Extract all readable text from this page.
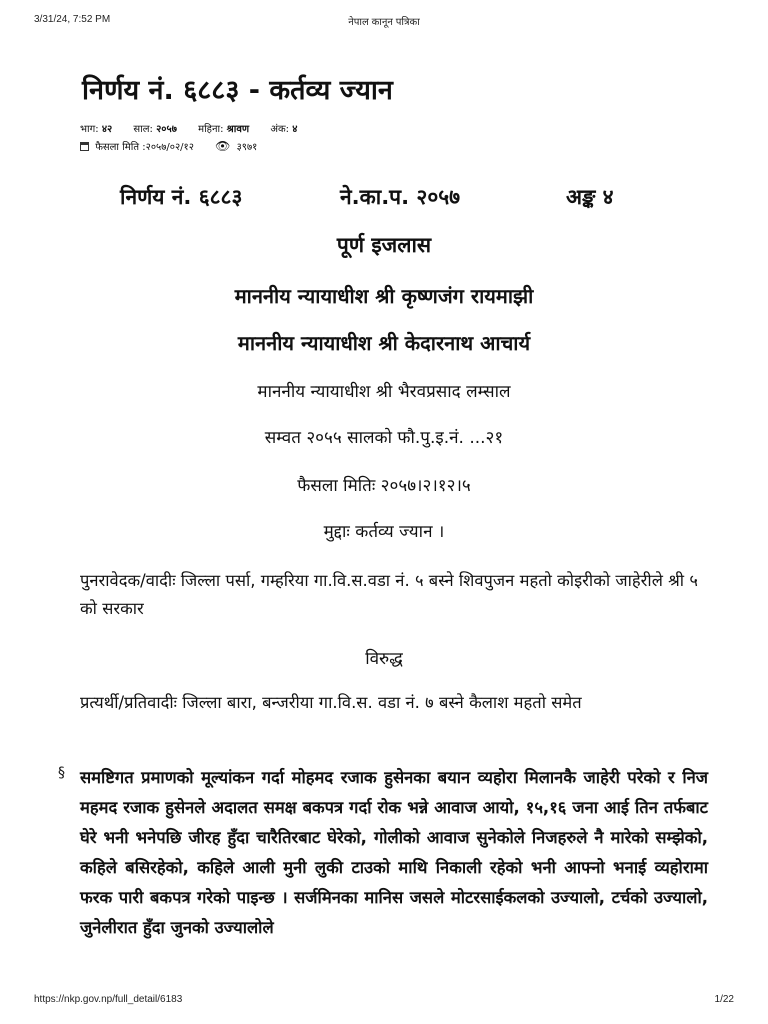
3/31/24, 7:52 PM	नेपाल कानून पत्रिका
निर्णय नं. ६८८३ - कर्तव्य ज्यान
भाग: ४२ साल: २०५७ महिना: श्रावण अंक: ४
फैसला मिति :२०५७/०२/१२ 👁 ३९७१
निर्णय नं. ६८८३	ने.का.प. २०५७	अङ्क ४
पूर्ण इजलास
माननीय न्यायाधीश श्री कृष्णजंग रायमाझी
माननीय न्यायाधीश श्री केदारनाथ आचार्य
माननीय न्यायाधीश श्री भैरवप्रसाद लम्साल
सम्वत २०५५ सालको फौ.पु.इ.नं. ...२१
फैसला मितिः २०५७।२।१२।५
मुद्दाः कर्तव्य ज्यान ।

पुनरावेदक/वादीः जिल्ला पर्सा, गम्हरिया गा.वि.स.वडा नं. ५ बस्ने शिवपुजन महतो कोइरीको जाहेरीले श्री ५ को सरकार

विरुद्ध

प्रत्यर्थी/प्रतिवादीः जिल्ला बारा, बन्जरीया गा.वि.स. वडा नं. ७ बस्ने कैलाश महतो समेत

§ समष्टिगत प्रमाणको मूल्यांकन गर्दा मोहमद रजाक हुसेनका बयान व्यहोरा मिलानकै जाहेरी परेको र निज महमद रजाक हुसेनले अदालत समक्ष बकपत्र गर्दा रोक भन्ने आवाज आयो, १५,१६ जना आई तिन तर्फबाट घेरे भनी भनेपछि जीरह हुँदा चारैतिरबाट घेरेको, गोलीको आवाज सुनेकोले निजहरुले नै मारेको सम्झेको, कहिले बसिरहेको, कहिले आली मुनी लुकी टाउको माथि निकाली रहेको भनी आफ्नो भनाई व्यहोरामा फरक पारी बकपत्र गरेको पाइन्छ । सर्जमिनका मानिस जसले मोटरसाईकलको उज्यालो, टर्चको उज्यालो, जुनेलीरात हुँदा जुनको उज्यालोले

https://nkp.gov.np/full_detail/6183	1/22
